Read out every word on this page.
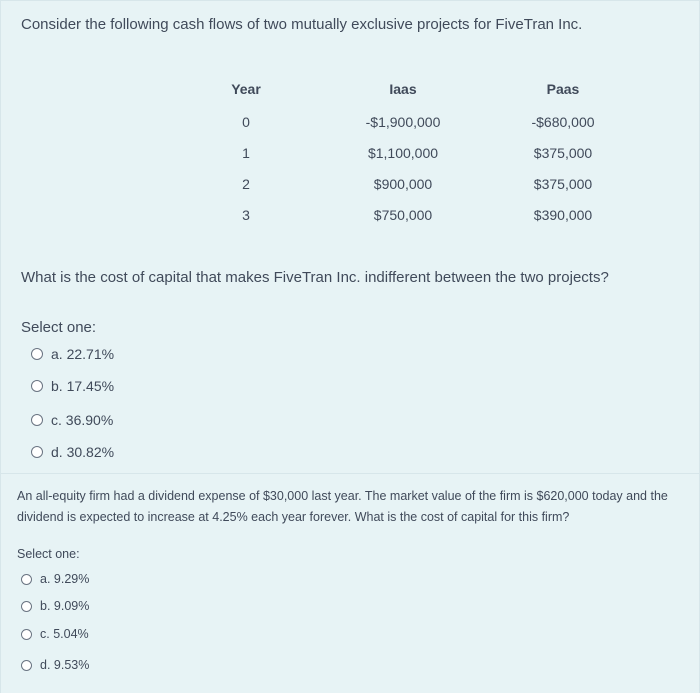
Consider the following cash flows of two mutually exclusive projects for FiveTran Inc.
Year	Iaas	Paas
0	-$1,900,000	-$680,000
1	$1,100,000	$375,000
2	$900,000	$375,000
3	$750,000	$390,000
What is the cost of capital that makes FiveTran Inc. indifferent between the two projects?
Select one:
a. 22.71%
b. 17.45%
c. 36.90%
d. 30.82%
An all-equity firm had a dividend expense of $30,000 last year. The market value of the firm is $620,000 today and the dividend is expected to increase at 4.25% each year forever. What is the cost of capital for this firm?
Select one:
a. 9.29%
b. 9.09%
c. 5.04%
d. 9.53%
